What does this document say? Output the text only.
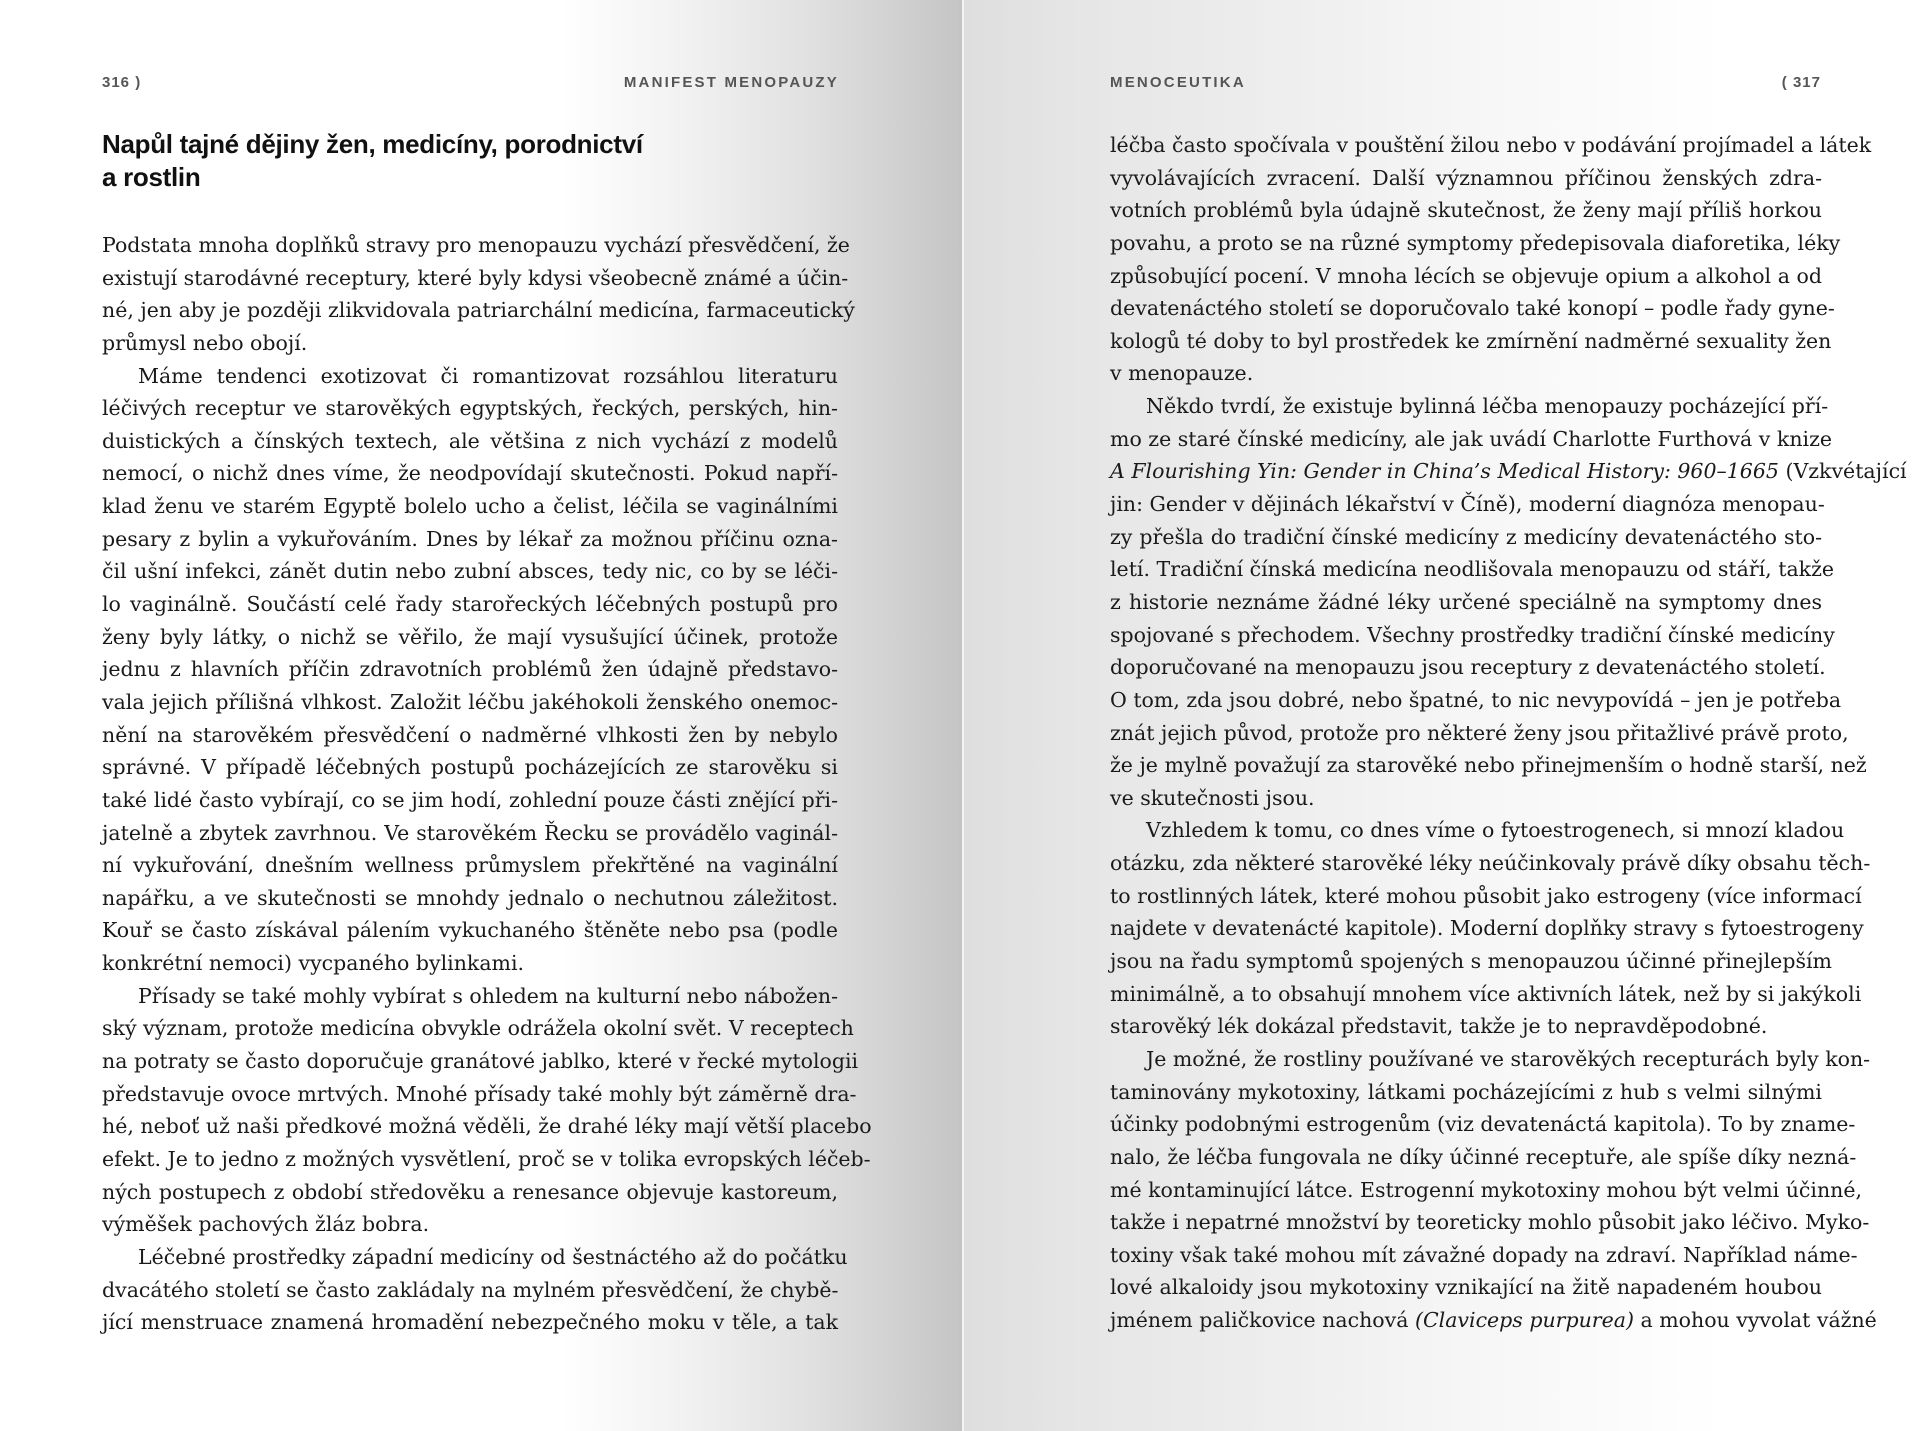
316 )	MANIFEST MENOPAUZY
Napůl tajné dějiny žen, medicíny, porodnictví
a rostlin
Podstata mnoha doplňků stravy pro menopauzu vychází přesvědčení, že
existují starodávné receptury, které byly kdysi všeobecně známé a účin-
né, jen aby je později zlikvidovala patriarchální medicína, farmaceutický
průmysl nebo obojí.
Máme tendenci exotizovat či romantizovat rozsáhlou literaturu
léčivých receptur ve starověkých egyptských, řeckých, perských, hin-
duistických a čínských textech, ale většina z nich vychází z modelů
nemocí, o nichž dnes víme, že neodpovídají skutečnosti. Pokud napří-
klad ženu ve starém Egyptě bolelo ucho a čelist, léčila se vaginálními
pesary z bylin a vykuřováním. Dnes by lékař za možnou příčinu ozna-
čil ušní infekci, zánět dutin nebo zubní absces, tedy nic, co by se léči-
lo vaginálně. Součástí celé řady starořeckých léčebných postupů pro
ženy byly látky, o nichž se věřilo, že mají vysušující účinek, protože
jednu z hlavních příčin zdravotních problémů žen údajně představo-
vala jejich přílišná vlhkost. Založit léčbu jakéhokoli ženského onemoc-
nění na starověkém přesvědčení o nadměrné vlhkosti žen by nebylo
správné. V případě léčebných postupů pocházejících ze starověku si
také lidé často vybírají, co se jim hodí, zohlední pouze části znějící při-
jatelně a zbytek zavrhnou. Ve starověkém Řecku se provádělo vaginál-
ní vykuřování, dnešním wellness průmyslem překřtěné na vaginální
napářku, a ve skutečnosti se mnohdy jednalo o nechutnou záležitost.
Kouř se často získával pálením vykuchaného štěněte nebo psa (podle
konkrétní nemoci) vycpaného bylinkami.
Přísady se také mohly vybírat s ohledem na kulturní nebo nábožen-
ský význam, protože medicína obvykle odrážela okolní svět. V receptech
na potraty se často doporučuje granátové jablko, které v řecké mytologii
představuje ovoce mrtvých. Mnohé přísady také mohly být záměrně dra-
hé, neboť už naši předkové možná věděli, že drahé léky mají větší placebo
efekt. Je to jedno z možných vysvětlení, proč se v tolika evropských léčeb-
ných postupech z období středověku a renesance objevuje kastoreum,
výměšek pachových žláz bobra.
Léčebné prostředky západní medicíny od šestnáctého až do počátku
dvacátého století se často zakládaly na mylném přesvědčení, že chybě-
jící menstruace znamená hromadění nebezpečného moku v těle, a tak
MENOCEUTIKA	( 317
léčba často spočívala v pouštění žilou nebo v podávání projímadel a látek
vyvolávajících zvracení. Další významnou příčinou ženských zdra-
votních problémů byla údajně skutečnost, že ženy mají příliš horkou
povahu, a proto se na různé symptomy předepisovala diaforetika, léky
způsobující pocení. V mnoha lécích se objevuje opium a alkohol a od
devatenáctého století se doporučovalo také konopí – podle řady gyne-
kologů té doby to byl prostředek ke zmírnění nadměrné sexuality žen
v menopauze.
Někdo tvrdí, že existuje bylinná léčba menopauzy pocházející pří-
mo ze staré čínské medicíny, ale jak uvádí Charlotte Furthová v knize
A Flourishing Yin: Gender in China’s Medical History: 960–1665 (Vzkvétající
jin: Gender v dějinách lékařství v Číně), moderní diagnóza menopau-
zy přešla do tradiční čínské medicíny z medicíny devatenáctého sto-
letí. Tradiční čínská medicína neodlišovala menopauzu od stáří, takže
z historie neznáme žádné léky určené speciálně na symptomy dnes
spojované s přechodem. Všechny prostředky tradiční čínské medicíny
doporučované na menopauzu jsou receptury z devatenáctého století.
O tom, zda jsou dobré, nebo špatné, to nic nevypovídá – jen je potřeba
znát jejich původ, protože pro některé ženy jsou přitažlivé právě proto,
že je mylně považují za starověké nebo přinejmenším o hodně starší, než
ve skutečnosti jsou.
Vzhledem k tomu, co dnes víme o fytoestrogenech, si mnozí kladou
otázku, zda některé starověké léky neúčinkovaly právě díky obsahu těch-
to rostlinných látek, které mohou působit jako estrogeny (více informací
najdete v devatenácté kapitole). Moderní doplňky stravy s fytoestrogeny
jsou na řadu symptomů spojených s menopauzou účinné přinejlepším
minimálně, a to obsahují mnohem více aktivních látek, než by si jakýkoli
starověký lék dokázal představit, takže je to nepravděpodobné.
Je možné, že rostliny používané ve starověkých recepturách byly kon-
taminovány mykotoxiny, látkami pocházejícími z hub s velmi silnými
účinky podobnými estrogenům (viz devatenáctá kapitola). To by zname-
nalo, že léčba fungovala ne díky účinné receptuře, ale spíše díky nezná-
mé kontaminující látce. Estrogenní mykotoxiny mohou být velmi účinné,
takže i nepatrné množství by teoreticky mohlo působit jako léčivo. Myko-
toxiny však také mohou mít závažné dopady na zdraví. Například náme-
lové alkaloidy jsou mykotoxiny vznikající na žitě napadeném houbou
jménem paličkovice nachová (Claviceps purpurea) a mohou vyvolat vážné
